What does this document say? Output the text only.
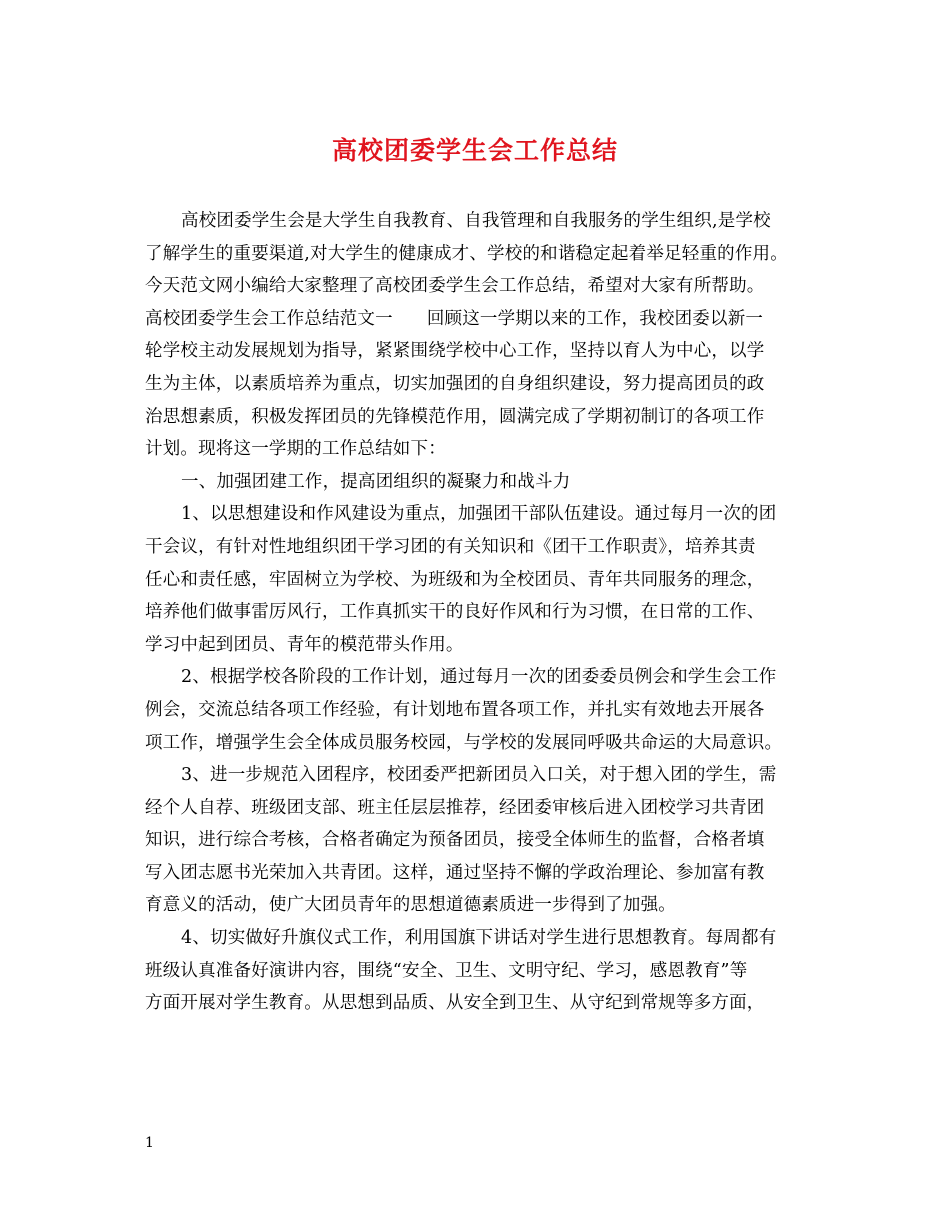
高校团委学生会工作总结
高校团委学生会是大学生自我教育、自我管理和自我服务的学生组织,是学校
了解学生的重要渠道,对大学生的健康成才、学校的和谐稳定起着举足轻重的作用。
今天范文网小编给大家整理了高校团委学生会工作总结，希望对大家有所帮助。
高校团委学生会工作总结范文一 回顾这一学期以来的工作，我校团委以新一
轮学校主动发展规划为指导，紧紧围绕学校中心工作，坚持以育人为中心，以学
生为主体，以素质培养为重点，切实加强团的自身组织建设，努力提高团员的政
治思想素质，积极发挥团员的先锋模范作用，圆满完成了学期初制订的各项工作
计划。现将这一学期的工作总结如下：
一、加强团建工作，提高团组织的凝聚力和战斗力
1、以思想建设和作风建设为重点，加强团干部队伍建设。通过每月一次的团
干会议，有针对性地组织团干学习团的有关知识和《团干工作职责》，培养其责
任心和责任感，牢固树立为学校、为班级和为全校团员、青年共同服务的理念，
培养他们做事雷厉风行，工作真抓实干的良好作风和行为习惯，在日常的工作、
学习中起到团员、青年的模范带头作用。
2、根据学校各阶段的工作计划，通过每月一次的团委委员例会和学生会工作
例会，交流总结各项工作经验，有计划地布置各项工作，并扎实有效地去开展各
项工作，增强学生会全体成员服务校园，与学校的发展同呼吸共命运的大局意识。
3、进一步规范入团程序，校团委严把新团员入口关，对于想入团的学生，需
经个人自荐、班级团支部、班主任层层推荐，经团委审核后进入团校学习共青团
知识，进行综合考核，合格者确定为预备团员，接受全体师生的监督，合格者填
写入团志愿书光荣加入共青团。这样，通过坚持不懈的学政治理论、参加富有教
育意义的活动，使广大团员青年的思想道德素质进一步得到了加强。
4、切实做好升旗仪式工作，利用国旗下讲话对学生进行思想教育。每周都有
班级认真准备好演讲内容，围绕“安全、卫生、文明守纪、学习，感恩教育”等
方面开展对学生教育。从思想到品质、从安全到卫生、从守纪到常规等多方面，
1
